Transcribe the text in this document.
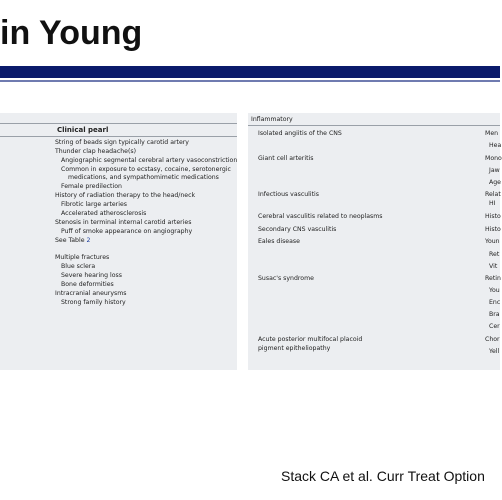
in Young
Clinical pearl
String of beads sign typically carotid artery
Thunder clap headache(s)
Angiographic segmental cerebral artery vasoconstriction
Common in exposure to ecstasy, cocaine, serotonergic
medications, and sympathomimetic medications
Female predilection
History of radiation therapy to the head/neck
Fibrotic large arteries
Accelerated atherosclerosis
Stenosis in terminal internal carotid arteries
Puff of smoke appearance on angiography
See Table 2
Multiple fractures
Blue sclera
Severe hearing loss
Bone deformities
Intracranial aneurysms
Strong family history
Inflammatory
Isolated angiitis of the CNS
Giant cell arteritis
Infectious vasculitis
Cerebral vasculitis related to neoplasms
Secondary CNS vasculitis
Eales disease
Susac's syndrome
Acute posterior multifocal placoid
pigment epitheliopathy
Men
Hea
Mono
Jaw
Age
Relat
HI
Histo
Histo
Youn
Ret
Vit
Retin
You
Enc
Bra
Cer
Chor
Yell
Stack CA et al. Curr Treat Option
